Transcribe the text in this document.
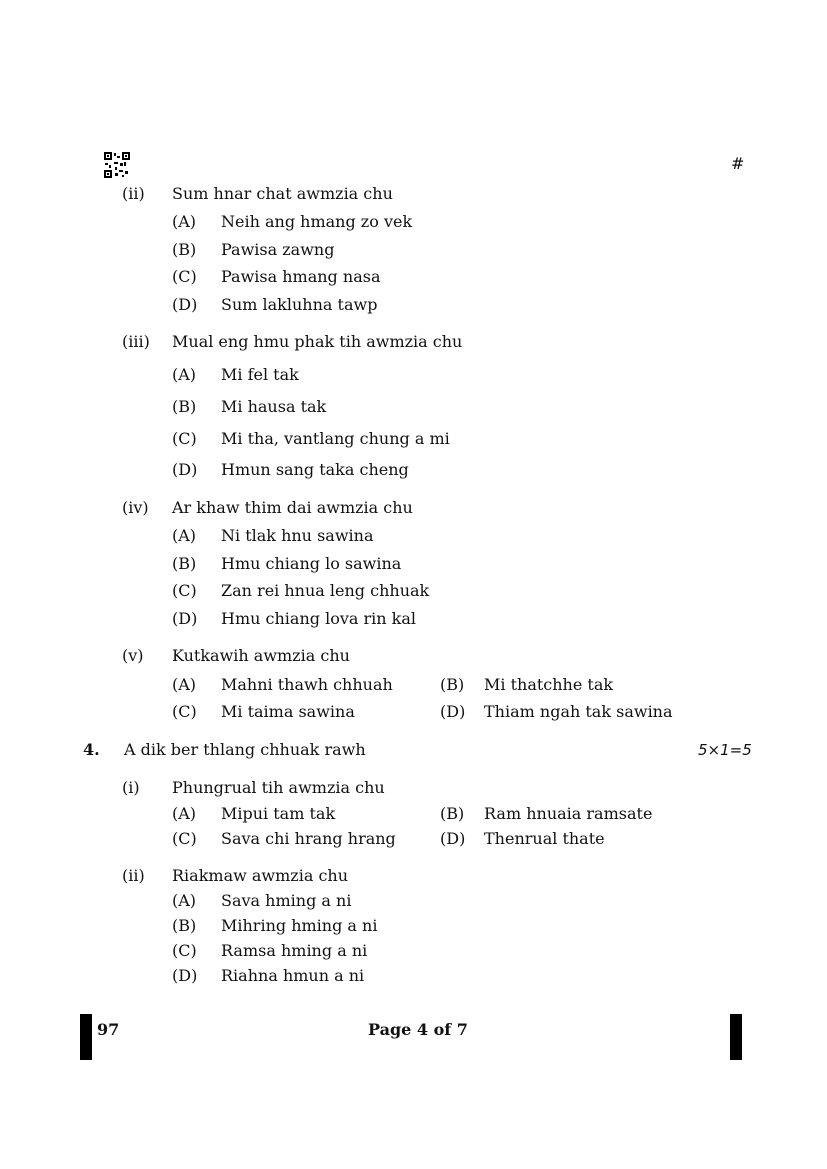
#
(ii) Sum hnar chat awmzia chu
(A) Neih ang hmang zo vek
(B) Pawisa zawng
(C) Pawisa hmang nasa
(D) Sum lakluhna tawp
(iii) Mual eng hmu phak tih awmzia chu
(A) Mi fel tak
(B) Mi hausa tak
(C) Mi tha, vantlang chung a mi
(D) Hmun sang taka cheng
(iv) Ar khaw thim dai awmzia chu
(A) Ni tlak hnu sawina
(B) Hmu chiang lo sawina
(C) Zan rei hnua leng chhuak
(D) Hmu chiang lova rin kal
(v) Kutkawih awmzia chu
(A) Mahni thawh chhuah	(B) Mi thatchhe tak
(C) Mi taima sawina	(D) Thiam ngah tak sawina
4. A dik ber thlang chhuak rawh	5×1=5
(i) Phungrual tih awmzia chu
(A) Mipui tam tak	(B) Ram hnuaia ramsate
(C) Sava chi hrang hrang	(D) Thenrual thate
(ii) Riakmaw awmzia chu
(A) Sava hming a ni
(B) Mihring hming a ni
(C) Ramsa hming a ni
(D) Riahna hmun a ni
97	Page 4 of 7
